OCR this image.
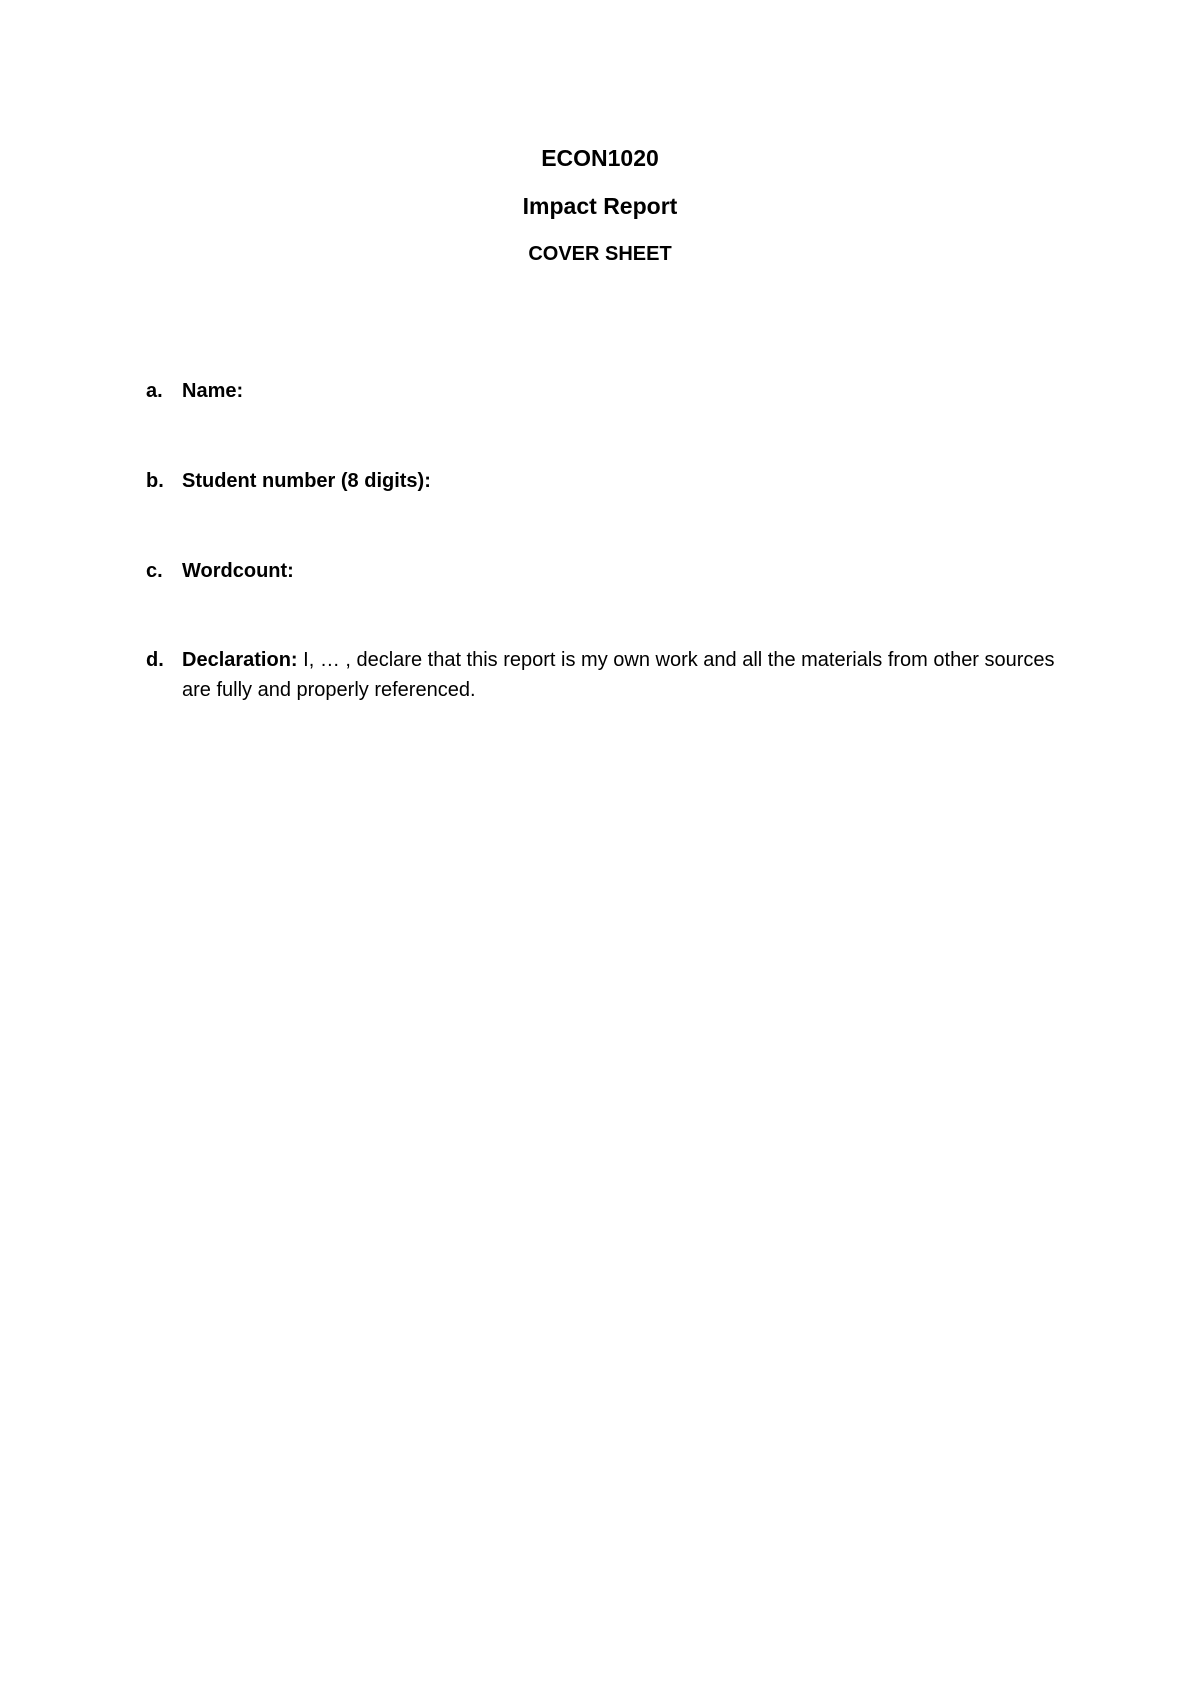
ECON1020
Impact Report
COVER SHEET
a. Name:
b. Student number (8 digits):
c. Wordcount:
d. Declaration: I, … , declare that this report is my own work and all the materials from other sources are fully and properly referenced.
